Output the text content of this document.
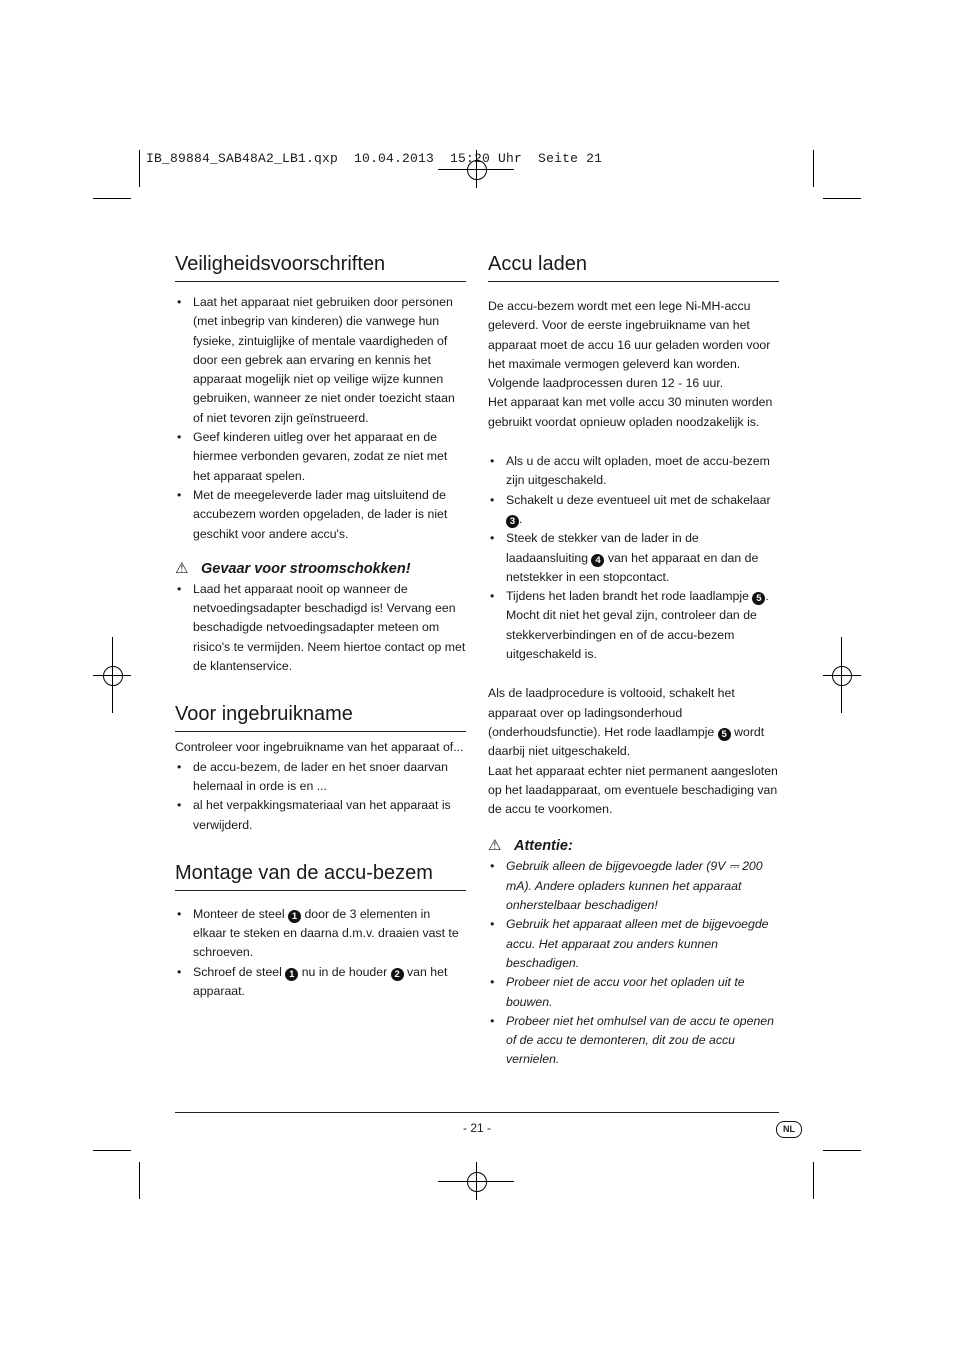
IB_89884_SAB48A2_LB1.qxp  10.04.2013  15:20 Uhr  Seite 21
Veiligheidsvoorschriften
• Laat het apparaat niet gebruiken door personen (met inbegrip van kinderen) die vanwege hun fysieke, zintuiglijke of mentale vaardigheden of door een gebrek aan ervaring en kennis het apparaat mogelijk niet op veilige wijze kunnen gebruiken, wanneer ze niet onder toezicht staan of niet tevoren zijn geïnstrueerd.
• Geef kinderen uitleg over het apparaat en de hiermee verbonden gevaren, zodat ze niet met het apparaat spelen.
• Met de meegeleverde lader mag uitsluitend de accubezem worden opgeladen, de lader is niet geschikt voor andere accu's.
⚠ Gevaar voor stroomschokken!
• Laad het apparaat nooit op wanneer de netvoedingsadapter beschadigd is! Vervang een beschadigde netvoedingsadapter meteen om risico's te vermijden. Neem hiertoe contact op met de klantenservice.
Voor ingebruikname

Controleer voor ingebruikname van het apparaat of...

• de accu-bezem, de lader en het snoer daarvan helemaal in orde is en ...
• al het verpakkingsmateriaal van het apparaat is verwijderd.
Montage van de accu-bezem
• Monteer de steel 1 door de 3 elementen in elkaar te steken en daarna d.m.v. draaien vast te schroeven.
• Schroef de steel 1 nu in de houder 2 van het apparaat.
Accu laden

De accu-bezem wordt met een lege Ni-MH-accu geleverd. Voor de eerste ingebruikname van het apparaat moet de accu 16 uur geladen worden voor het maximale vermogen geleverd kan worden.

Volgende laadprocessen duren 12 - 16 uur.

Het apparaat kan met volle accu 30 minuten worden gebruikt voordat opnieuw opladen noodzakelijk is.

• Als u de accu wilt opladen, moet de accu-bezem zijn uitgeschakeld.
• Schakelt u deze eventueel uit met de schakelaar 3 .
• Steek de stekker van de lader in de laadaansluiting 4 van het apparaat en dan de netstekker in een stopcontact.
• Tijdens het laden brandt het rode laadlampje 5 . Mocht dit niet het geval zijn, controleer dan de stekkerverbindingen en of de accu-bezem uitgeschakeld is.

Als de laadprocedure is voltooid, schakelt het apparaat over op ladingsonderhoud (onderhoudsfunctie). Het rode laadlampje 5 wordt daarbij niet uitgeschakeld.

Laat het apparaat echter niet permanent aangesloten op het laadapparaat, om eventuele beschadiging van de accu te voorkomen.

⚠ Attentie:
• Gebruik alleen de bijgevoegde lader (9V ⎓ 200 mA). Andere opladers kunnen het apparaat onherstelbaar beschadigen!
• Gebruik het apparaat alleen met de bijgevoegde accu. Het apparaat zou anders kunnen beschadigen.
• Probeer niet de accu voor het opladen uit te bouwen.
• Probeer niet het omhulsel van de accu te openen of de accu te demonteren, dit zou de accu vernielen.
- 21 -	NL
